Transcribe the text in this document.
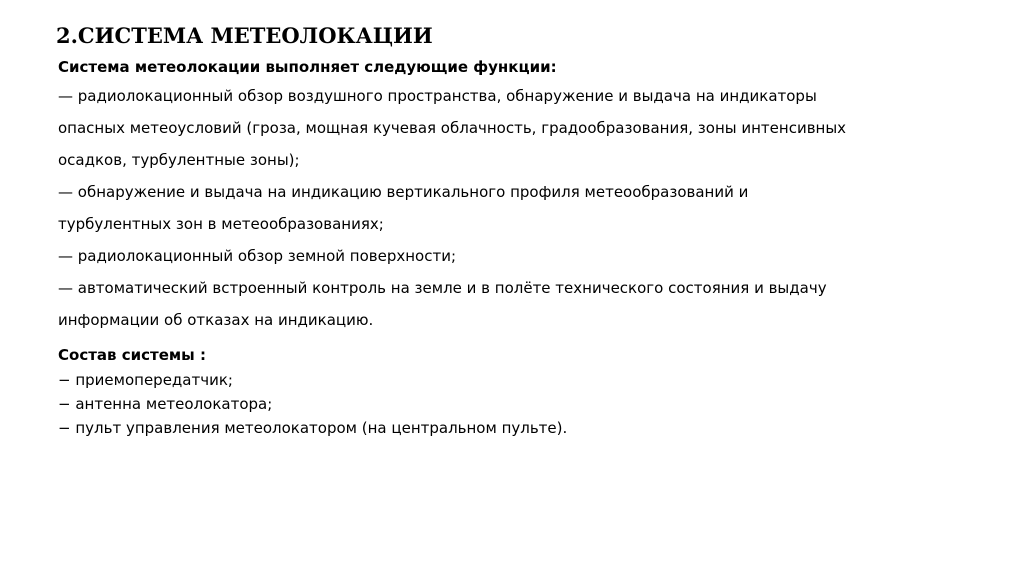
2.СИСТЕМА МЕТЕОЛОКАЦИИ

Система метеолокации выполняет следующие функции:

— радиолокационный обзор воздушного пространства, обнаружение и выдача на индикаторы опасных метеоусловий (гроза, мощная кучевая облачность, градообразования, зоны интенсивных осадков, турбулентные зоны);
— обнаружение и выдача на индикацию вертикального профиля метеообразований и турбулентных зон в метеообразованиях;
— радиолокационный обзор земной поверхности;
— автоматический встроенный контроль на земле и в полёте технического состояния и выдачу информации об отказах на индикацию.

Состав системы :

− приемопередатчик;
− антенна метеолокатора;
− пульт управления метеолокатором (на центральном пульте).
